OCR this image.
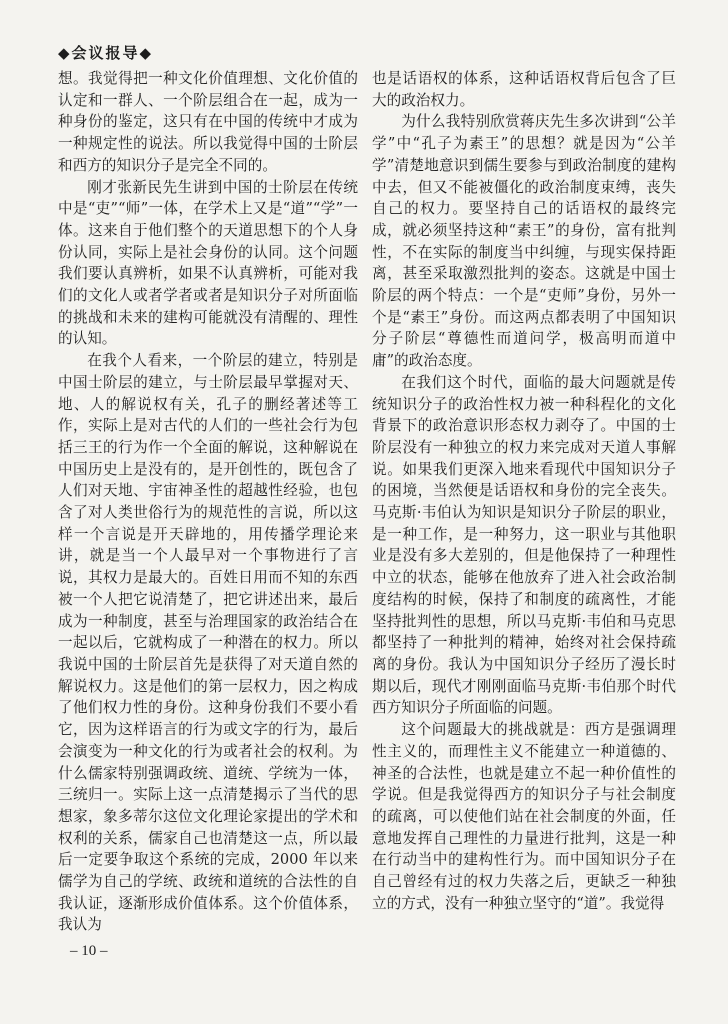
◆会议报导◆

想。我觉得把一种文化价值理想、文化价值的认定和一群人、一个阶层组合在一起，成为一种身份的鉴定，这只有在中国的传统中才成为一种规定性的说法。所以我觉得中国的士阶层和西方的知识分子是完全不同的。

刚才张新民先生讲到中国的士阶层在传统中是“吏”“师”一体，在学术上又是“道”“学”一体。这来自于他们整个的天道思想下的个人身份认同，实际上是社会身份的认同。这个问题我们要认真辨析，如果不认真辨析，可能对我们的文化人或者学者或者是知识分子对所面临的挑战和未来的建构可能就没有清醒的、理性的认知。

在我个人看来，一个阶层的建立，特别是中国士阶层的建立，与士阶层最早掌握对天、地、人的解说权有关，孔子的删经著述等工作，实际上是对古代的人们的一些社会行为包括三王的行为作一个全面的解说，这种解说在中国历史上是没有的，是开创性的，既包含了人们对天地、宇宙神圣性的超越性经验，也包含了对人类世俗行为的规范性的言说，所以这样一个言说是开天辟地的，用传播学理论来讲，就是当一个人最早对一个事物进行了言说，其权力是最大的。百姓日用而不知的东西被一个人把它说清楚了，把它讲述出来，最后成为一种制度，甚至与治理国家的政治结合在一起以后，它就构成了一种潜在的权力。所以我说中国的士阶层首先是获得了对天道自然的解说权力。这是他们的第一层权力，因之构成了他们权力性的身份。这种身份我们不要小看它，因为这样语言的行为或文字的行为，最后会演变为一种文化的行为或者社会的权利。为什么儒家特别强调政统、道统、学统为一体，三统归一。实际上这一点清楚揭示了当代的思想家，象多蒂尔这位文化理论家提出的学术和权利的关系，儒家自己也清楚这一点，所以最后一定要争取这个系统的完成，2000 年以来儒学为自己的学统、政统和道统的合法性的自我认证，逐渐形成价值体系。这个价值体系，我认为

也是话语权的体系，这种话语权背后包含了巨大的政治权力。

为什么我特别欣赏蒋庆先生多次讲到“公羊学”中“孔子为素王”的思想？就是因为“公羊学”清楚地意识到儒生要参与到政治制度的建构中去，但又不能被僵化的政治制度束缚，丧失自己的权力。要坚持自己的话语权的最终完成，就必须坚持这种“素王”的身份，富有批判性，不在实际的制度当中纠缠，与现实保持距离，甚至采取激烈批判的姿态。这就是中国士阶层的两个特点：一个是“吏师”身份，另外一个是“素王”身份。而这两点都表明了中国知识分子阶层“尊德性而道问学，极高明而道中庸”的政治态度。

在我们这个时代，面临的最大问题就是传统知识分子的政治性权力被一种科程化的文化背景下的政治意识形态权力剥夺了。中国的士阶层没有一种独立的权力来完成对天道人事解说。如果我们更深入地来看现代中国知识分子的困境，当然便是话语权和身份的完全丧失。马克斯·韦伯认为知识是知识分子阶层的职业，是一种工作，是一种努力，这一职业与其他职业是没有多大差别的，但是他保持了一种理性中立的状态，能够在他放弃了进入社会政治制度结构的时候，保持了和制度的疏离性，才能坚持批判性的思想，所以马克斯·韦伯和马克思都坚持了一种批判的精神，始终对社会保持疏离的身份。我认为中国知识分子经历了漫长时期以后，现代才刚刚面临马克斯·韦伯那个时代西方知识分子所面临的问题。

这个问题最大的挑战就是：西方是强调理性主义的，而理性主义不能建立一种道德的、神圣的合法性，也就是建立不起一种价值性的学说。但是我觉得西方的知识分子与社会制度的疏离，可以使他们站在社会制度的外面，任意地发挥自己理性的力量进行批判，这是一种在行动当中的建构性行为。而中国知识分子在自己曾经有过的权力失落之后，更缺乏一种独立的方式，没有一种独立坚守的“道”。我觉得

– 10 –
